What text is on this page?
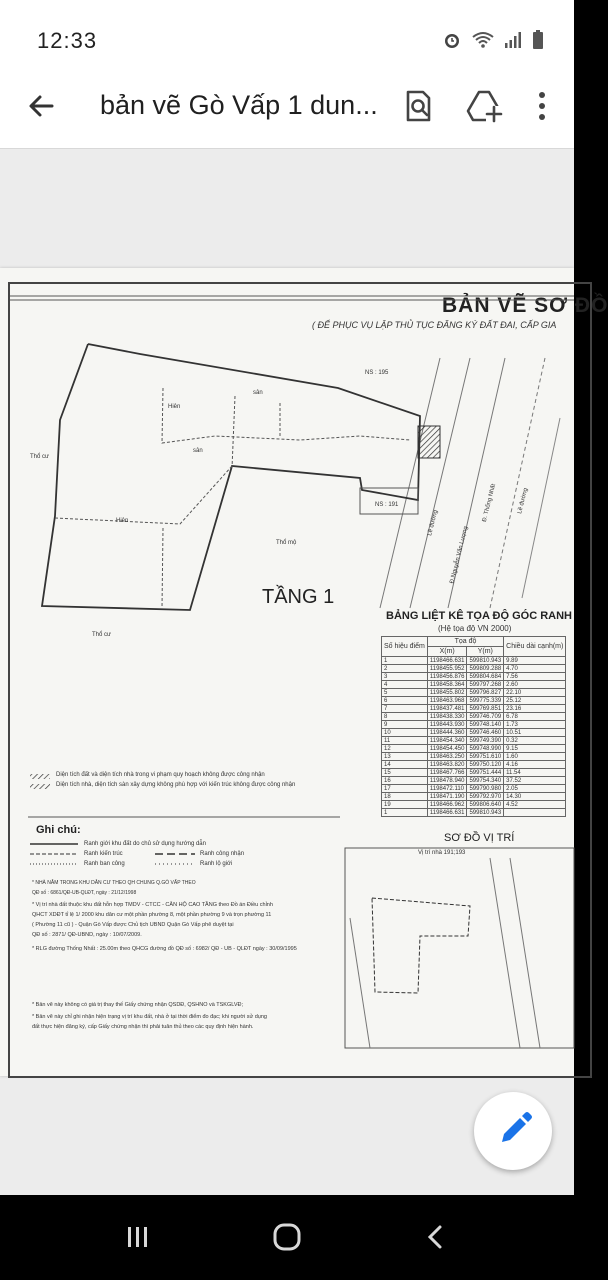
12:33
bản vẽ Gò Vấp 1 dun...
BẢN VẼ SƠ ĐỒ
( ĐỂ PHỤC VỤ LẬP THỦ TỤC ĐĂNG KÝ ĐẤT ĐAI, CẤP GIA
NS : 195
NS : 191
Thổ cư
Thổ cư
Thổ mộ
Hiên
Hiên
sân
sân
Lề đường
Lề đường
Đ.Nguyễn Văn Lượng
Đ. Thống Nhất
TẦNG 1
BẢNG LIỆT KÊ TỌA ĐỘ GÓC RANH
(Hệ tọa độ VN 2000)
Số hiệu điểm	Tọa độ		Chiều dài cạnh(m)
	X(m)	Y(m)	
1	1198466.631	599810.943	9.89
2	1198455.952	599809.288	4.70
3	1198456.876	599804.684	7.56
4	1198458.364	599797.268	2.60
5	1198455.802	599796.827	22.10
6	1198463.968	599775.339	25.12
7	1198437.481	599769.851	23.16
8	1198438.330	599746.709	6.78
9	1198443.930	599748.140	1.73
10	1198444.360	599746.460	10.51
11	1198454.340	599749.390	0.32
12	1198454.450	599748.990	9.15
13	1198463.250	599751.610	1.60
14	1198463.820	599750.120	4.16
15	1198467.766	599751.444	11.54
16	1198478.940	599754.340	37.52
17	1198472.110	599790.980	2.05
18	1198471.190	599792.970	14.30
19	1198466.962	599806.640	4.52
1	1198466.631	599810.943	
Diện tích đất và diện tích nhà trong vi phạm quy hoạch không được công nhận
Diện tích nhà, diện tích sàn xây dựng không phù hợp với kiến trúc không được công nhận
Ghi chú:
Ranh giới khu đất do chủ sử dụng hướng dẫn
Ranh kiến trúc	Ranh công nhận
Ranh ban công	Ranh lộ giới
* NHÀ NẰM TRONG KHU DÂN CƯ THEO QH CHUNG Q.GÒ VẤP THEO
QĐ số : 6861/QĐ-UB-QLĐT, ngày : 21/12/1998
* Vị trí nhà đất thuộc khu đất hỗn hợp TMDV - CTCC - CĂN HỘ CAO TẦNG theo Đồ án Điều chỉnh
QHCT XDĐT tỉ lệ 1/ 2000 khu dân cư một phần phường 8, một phần phường 9 và trọn phường 11
( Phường 11 cũ ) - Quận Gò Vấp được Chủ tịch UBND Quận Gò Vấp phê duyệt tại
QĐ số : 2871/ QĐ-UBND, ngày : 10/07/2009.
* RLG đường Thống Nhất : 25.00m theo QHCG đường đồ QĐ số : 6982/ QĐ - UB - QLĐT ngày : 30/09/1995
* Bản vẽ này không có giá trị thay thế Giấy chứng nhận QSDĐ, QSHNO và TSKGLVĐ;
* Bản vẽ này chỉ ghi nhận hiện trạng vị trí khu đất, nhà ở tại thời điểm đo đạc; khi người sử dụng
đất thực hiện đăng ký, cấp Giấy chứng nhận thì phải tuân thủ theo các quy định hiện hành.
SƠ ĐỒ VỊ TRÍ
Vị trí nhà 191;193
